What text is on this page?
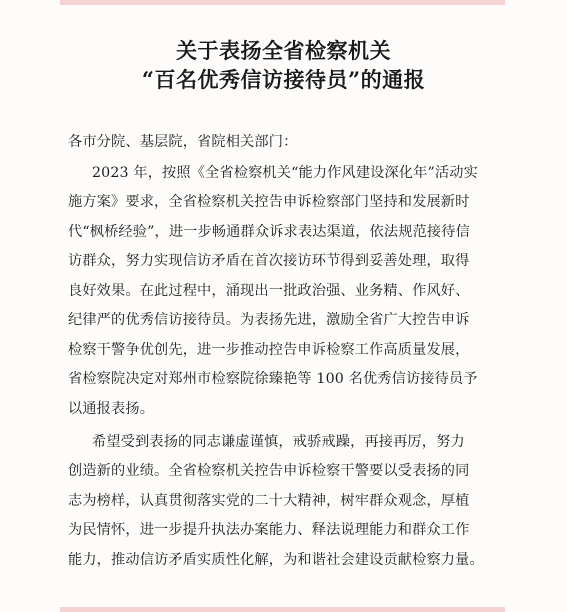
关于表扬全省检察机关
“百名优秀信访接待员”的通报
各市分院、基层院，省院相关部门：
2023 年，按照《全省检察机关“能力作风建设深化年”活动实
施方案》要求，全省检察机关控告申诉检察部门坚持和发展新时
代“枫桥经验”，进一步畅通群众诉求表达渠道，依法规范接待信
访群众，努力实现信访矛盾在首次接访环节得到妥善处理，取得
良好效果。在此过程中，涌现出一批政治强、业务精、作风好、
纪律严的优秀信访接待员。为表扬先进，激励全省广大控告申诉
检察干警争优创先，进一步推动控告申诉检察工作高质量发展，
省检察院决定对郑州市检察院徐臻艳等 100 名优秀信访接待员予
以通报表扬。
希望受到表扬的同志谦虚谨慎，戒骄戒躁，再接再厉，努力
创造新的业绩。全省检察机关控告申诉检察干警要以受表扬的同
志为榜样，认真贯彻落实党的二十大精神，树牢群众观念，厚植
为民情怀，进一步提升执法办案能力、释法说理能力和群众工作
能力，推动信访矛盾实质性化解，为和谐社会建设贡献检察力量。
